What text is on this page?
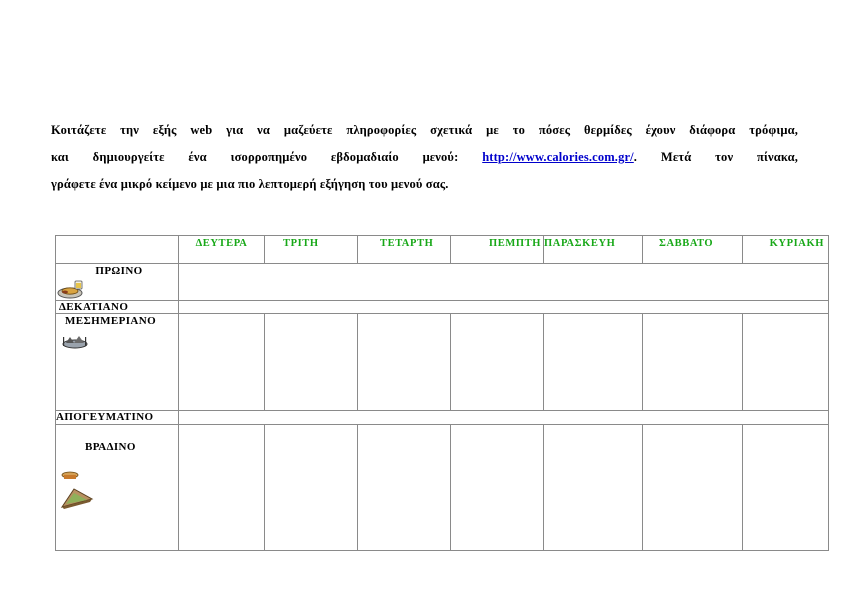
Κοιτάζετε την εξής web για να μαζεύετε πληροφορίες σχετικά με το πόσες θερμίδες έχουν διάφορα τρόφιμα,
και δημιουργείτε ένα ισορροπημένο εβδομαδιαίο μενού: http://www.calories.com.gr/. Μετά τον πίνακα,
γράφετε ένα μικρό κείμενο με μια πιο λεπτομερή εξήγηση του μενού σας.
	ΔΕΥΤΕΡΑ	ΤΡΙΤΗ	ΤΕΤΑΡΤΗ	ΠΕΜΠΤΗ	ΠΑΡΑΣΚΕΥΗ	ΣΑΒΒΑΤΟ	ΚΥΡΙΑΚΗ

ΠΡΩΙΝΟ							

ΔΕΚΑΤΙΑΝΟ							

ΜΕΣΗΜΕΡΙΑΝΟ							

ΑΠΟΓΕΥΜΑΤΙΝΟ							

ΒΡΑΔΙΝΟ							
